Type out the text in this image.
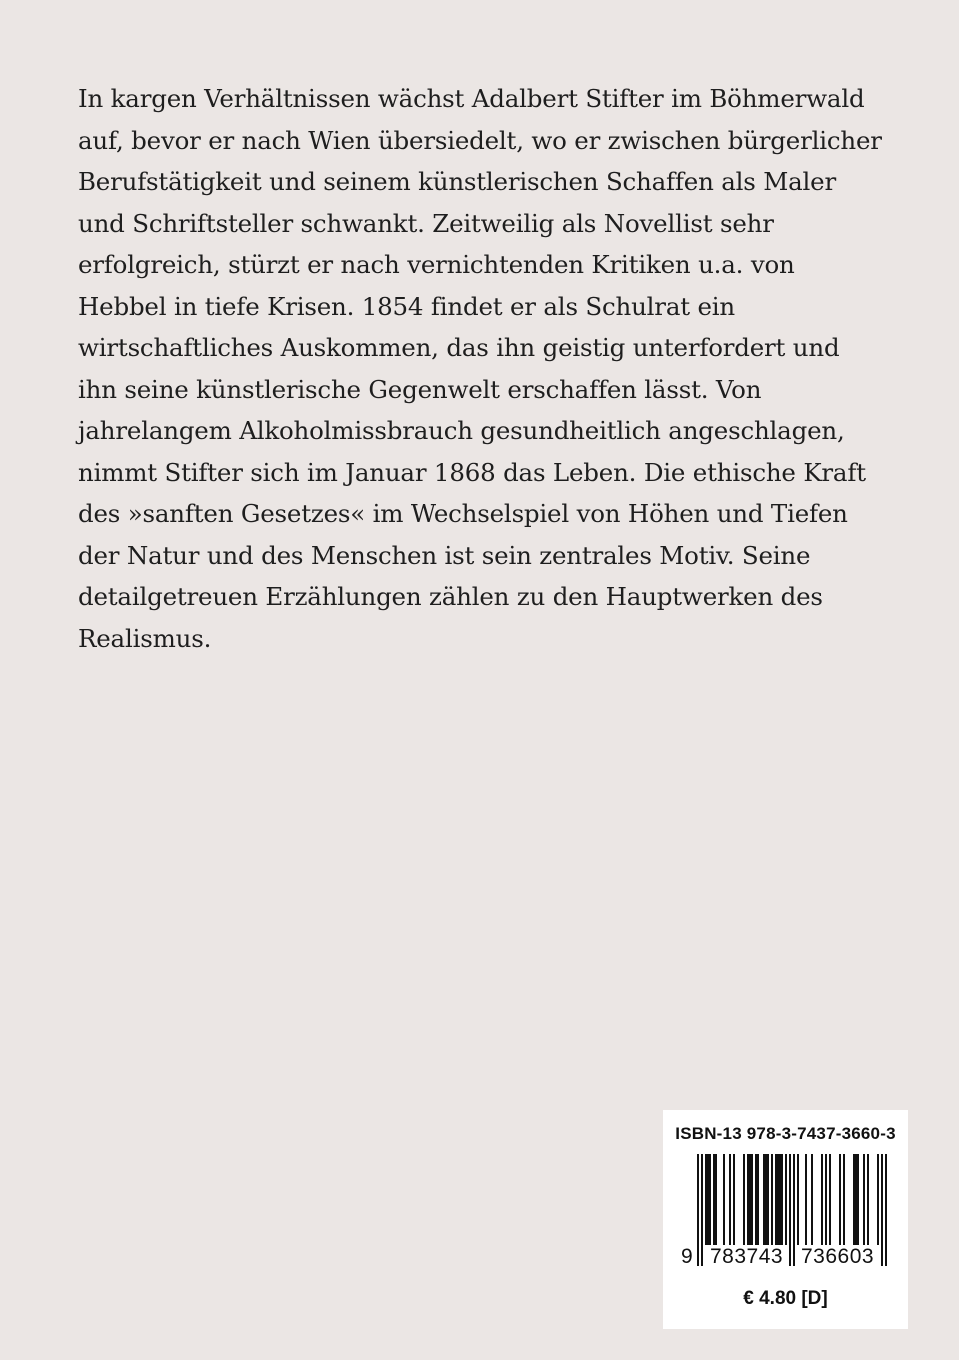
In kargen Verhältnissen wächst Adalbert Stifter im Böhmerwald
auf, bevor er nach Wien übersiedelt, wo er zwischen bürgerlicher
Berufstätigkeit und seinem künstlerischen Schaffen als Maler
und Schriftsteller schwankt. Zeitweilig als Novellist sehr
erfolgreich, stürzt er nach vernichtenden Kritiken u.a. von
Hebbel in tiefe Krisen. 1854 findet er als Schulrat ein
wirtschaftliches Auskommen, das ihn geistig unterfordert und
ihn seine künstlerische Gegenwelt erschaffen lässt. Von
jahrelangem Alkoholmissbrauch gesundheitlich angeschlagen,
nimmt Stifter sich im Januar 1868 das Leben. Die ethische Kraft
des »sanften Gesetzes« im Wechselspiel von Höhen und Tiefen
der Natur und des Menschen ist sein zentrales Motiv. Seine
detailgetreuen Erzählungen zählen zu den Hauptwerken des
Realismus.
ISBN-13 978-3-7437-3660-3
9 783743 736603
€ 4.80 [D]
